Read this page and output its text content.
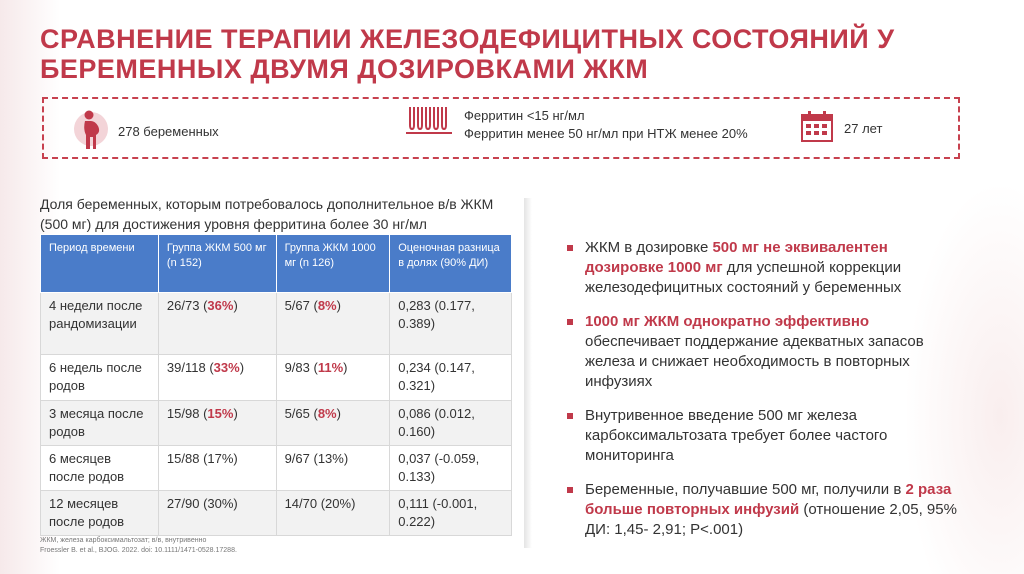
СРАВНЕНИЕ ТЕРАПИИ ЖЕЛЕЗОДЕФИЦИТНЫХ СОСТОЯНИЙ У БЕРЕМЕННЫХ ДВУМЯ ДОЗИРОВКАМИ ЖКМ
278 беременных
Ферритин <15 нг/мл
Ферритин менее 50 нг/мл при НТЖ менее 20%	27 лет

Доля беременных, которым потребовалось дополнительное в/в ЖКМ (500 мг) для достижения уровня ферритина более 30 нг/мл

Период времени	Группа ЖКМ 500 мг (n 152)	Группа ЖКМ 1000 мг (n 126)	Оценочная разница в долях (90% ДИ)
4 недели после рандомизации	26/73 (36%)	5/67 (8%)	0,283 (0.177, 0.389)
6 недель после родов	39/118 (33%)	9/83 (11%)	0,234 (0.147, 0.321)
3 месяца после родов	15/98 (15%)	5/65 (8%)	0,086 (0.012, 0.160)
6 месяцев после родов	15/88 (17%)	9/67 (13%)	0,037 (-0.059, 0.133)
12 месяцев после родов	27/90 (30%)	14/70 (20%)	0,111 (-0.001, 0.222)
ЖКМ, железа карбоксимальтозат; в/в, внутривенно
Froessler B. et al., BJOG. 2022. doi: 10.1111/1471-0528.17288.
ЖКМ в дозировке 500 мг не эквивалентен дозировке 1000 мг для успешной коррекции железодефицитных состояний у беременных
1000 мг ЖКМ однократно эффективно обеспечивает поддержание адекватных запасов железа и снижает необходимость в повторных инфузиях
Внутривенное введение 500 мг железа карбоксимальтозата требует более частого мониторинга
Беременные, получавшие 500 мг, получили в 2 раза больше повторных инфузий (отношение 2,05, 95% ДИ: 1,45- 2,91; P<.001)
